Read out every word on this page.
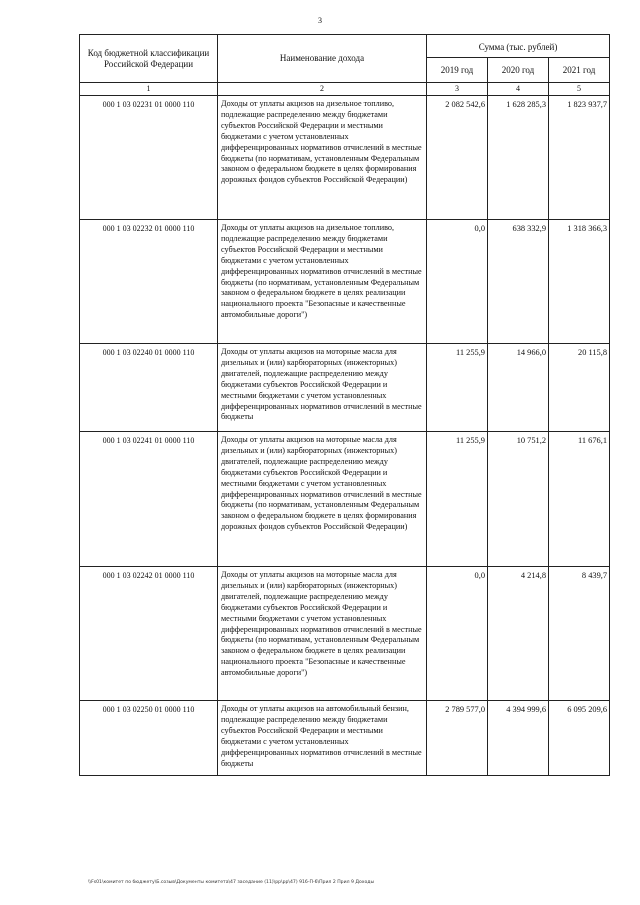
3
Код бюджетной классификации Российской Федерации	Наименование дохода	Сумма (тыс. рублей)		
		2019 год	2020 год	2021 год
1	2	3	4	5
000 1 03 02231 01 0000 110	Доходы от уплаты акцизов на дизельное топливо, подлежащие распределению между бюджетами субъектов Российской Федерации и местными бюджетами с учетом установленных дифференцированных нормативов отчислений в местные бюджеты (по нормативам, установленным Федеральным законом о федеральном бюджете в целях формирования дорожных фондов субъектов Российской Федерации)	2 082 542,6	1 628 285,3	1 823 937,7
000 1 03 02232 01 0000 110	Доходы от уплаты акцизов на дизельное топливо, подлежащие распределению между бюджетами субъектов Российской Федерации и местными бюджетами с учетом установленных дифференцированных нормативов отчислений в местные бюджеты (по нормативам, установленным Федеральным законом о федеральном бюджете в целях реализации национального проекта "Безопасные и качественные автомобильные дороги")	0,0	638 332,9	1 318 366,3
000 1 03 02240 01 0000 110	Доходы от уплаты акцизов на моторные масла для дизельных и (или) карбюраторных (инжекторных) двигателей, подлежащие распределению между бюджетами субъектов Российской Федерации и местными бюджетами с учетом установленных дифференцированных нормативов отчислений в местные бюджеты	11 255,9	14 966,0	20 115,8
000 1 03 02241 01 0000 110	Доходы от уплаты акцизов на моторные масла для дизельных и (или) карбюраторных (инжекторных) двигателей, подлежащие распределению между бюджетами субъектов Российской Федерации и местными бюджетами с учетом установленных дифференцированных нормативов отчислений в местные бюджеты (по нормативам, установленным Федеральным законом о федеральном бюджете в целях формирования дорожных фондов субъектов Российской Федерации)	11 255,9	10 751,2	11 676,1
000 1 03 02242 01 0000 110	Доходы от уплаты акцизов на моторные масла для дизельных и (или) карбюраторных (инжекторных) двигателей, подлежащие распределению между бюджетами субъектов Российской Федерации и местными бюджетами с учетом установленных дифференцированных нормативов отчислений в местные бюджеты (по нормативам, установленным Федеральным законом о федеральном бюджете в целях реализации национального проекта "Безопасные и качественные автомобильные дороги")	0,0	4 214,8	8 439,7
000 1 03 02250 01 0000 110	Доходы от уплаты акцизов на автомобильный бензин, подлежащие распределению между бюджетами субъектов Российской Федерации и местными бюджетами с учетом установленных дифференцированных нормативов отчислений в местные бюджеты	2 789 577,0	4 394 999,6	6 095 209,6
\\Fs01\комитет по бюджету\Б.созыв\Документы комитета\47 заседание (11)\рр\рр\47) 916-П-6\Прил 2 Прил 9 Доходы
